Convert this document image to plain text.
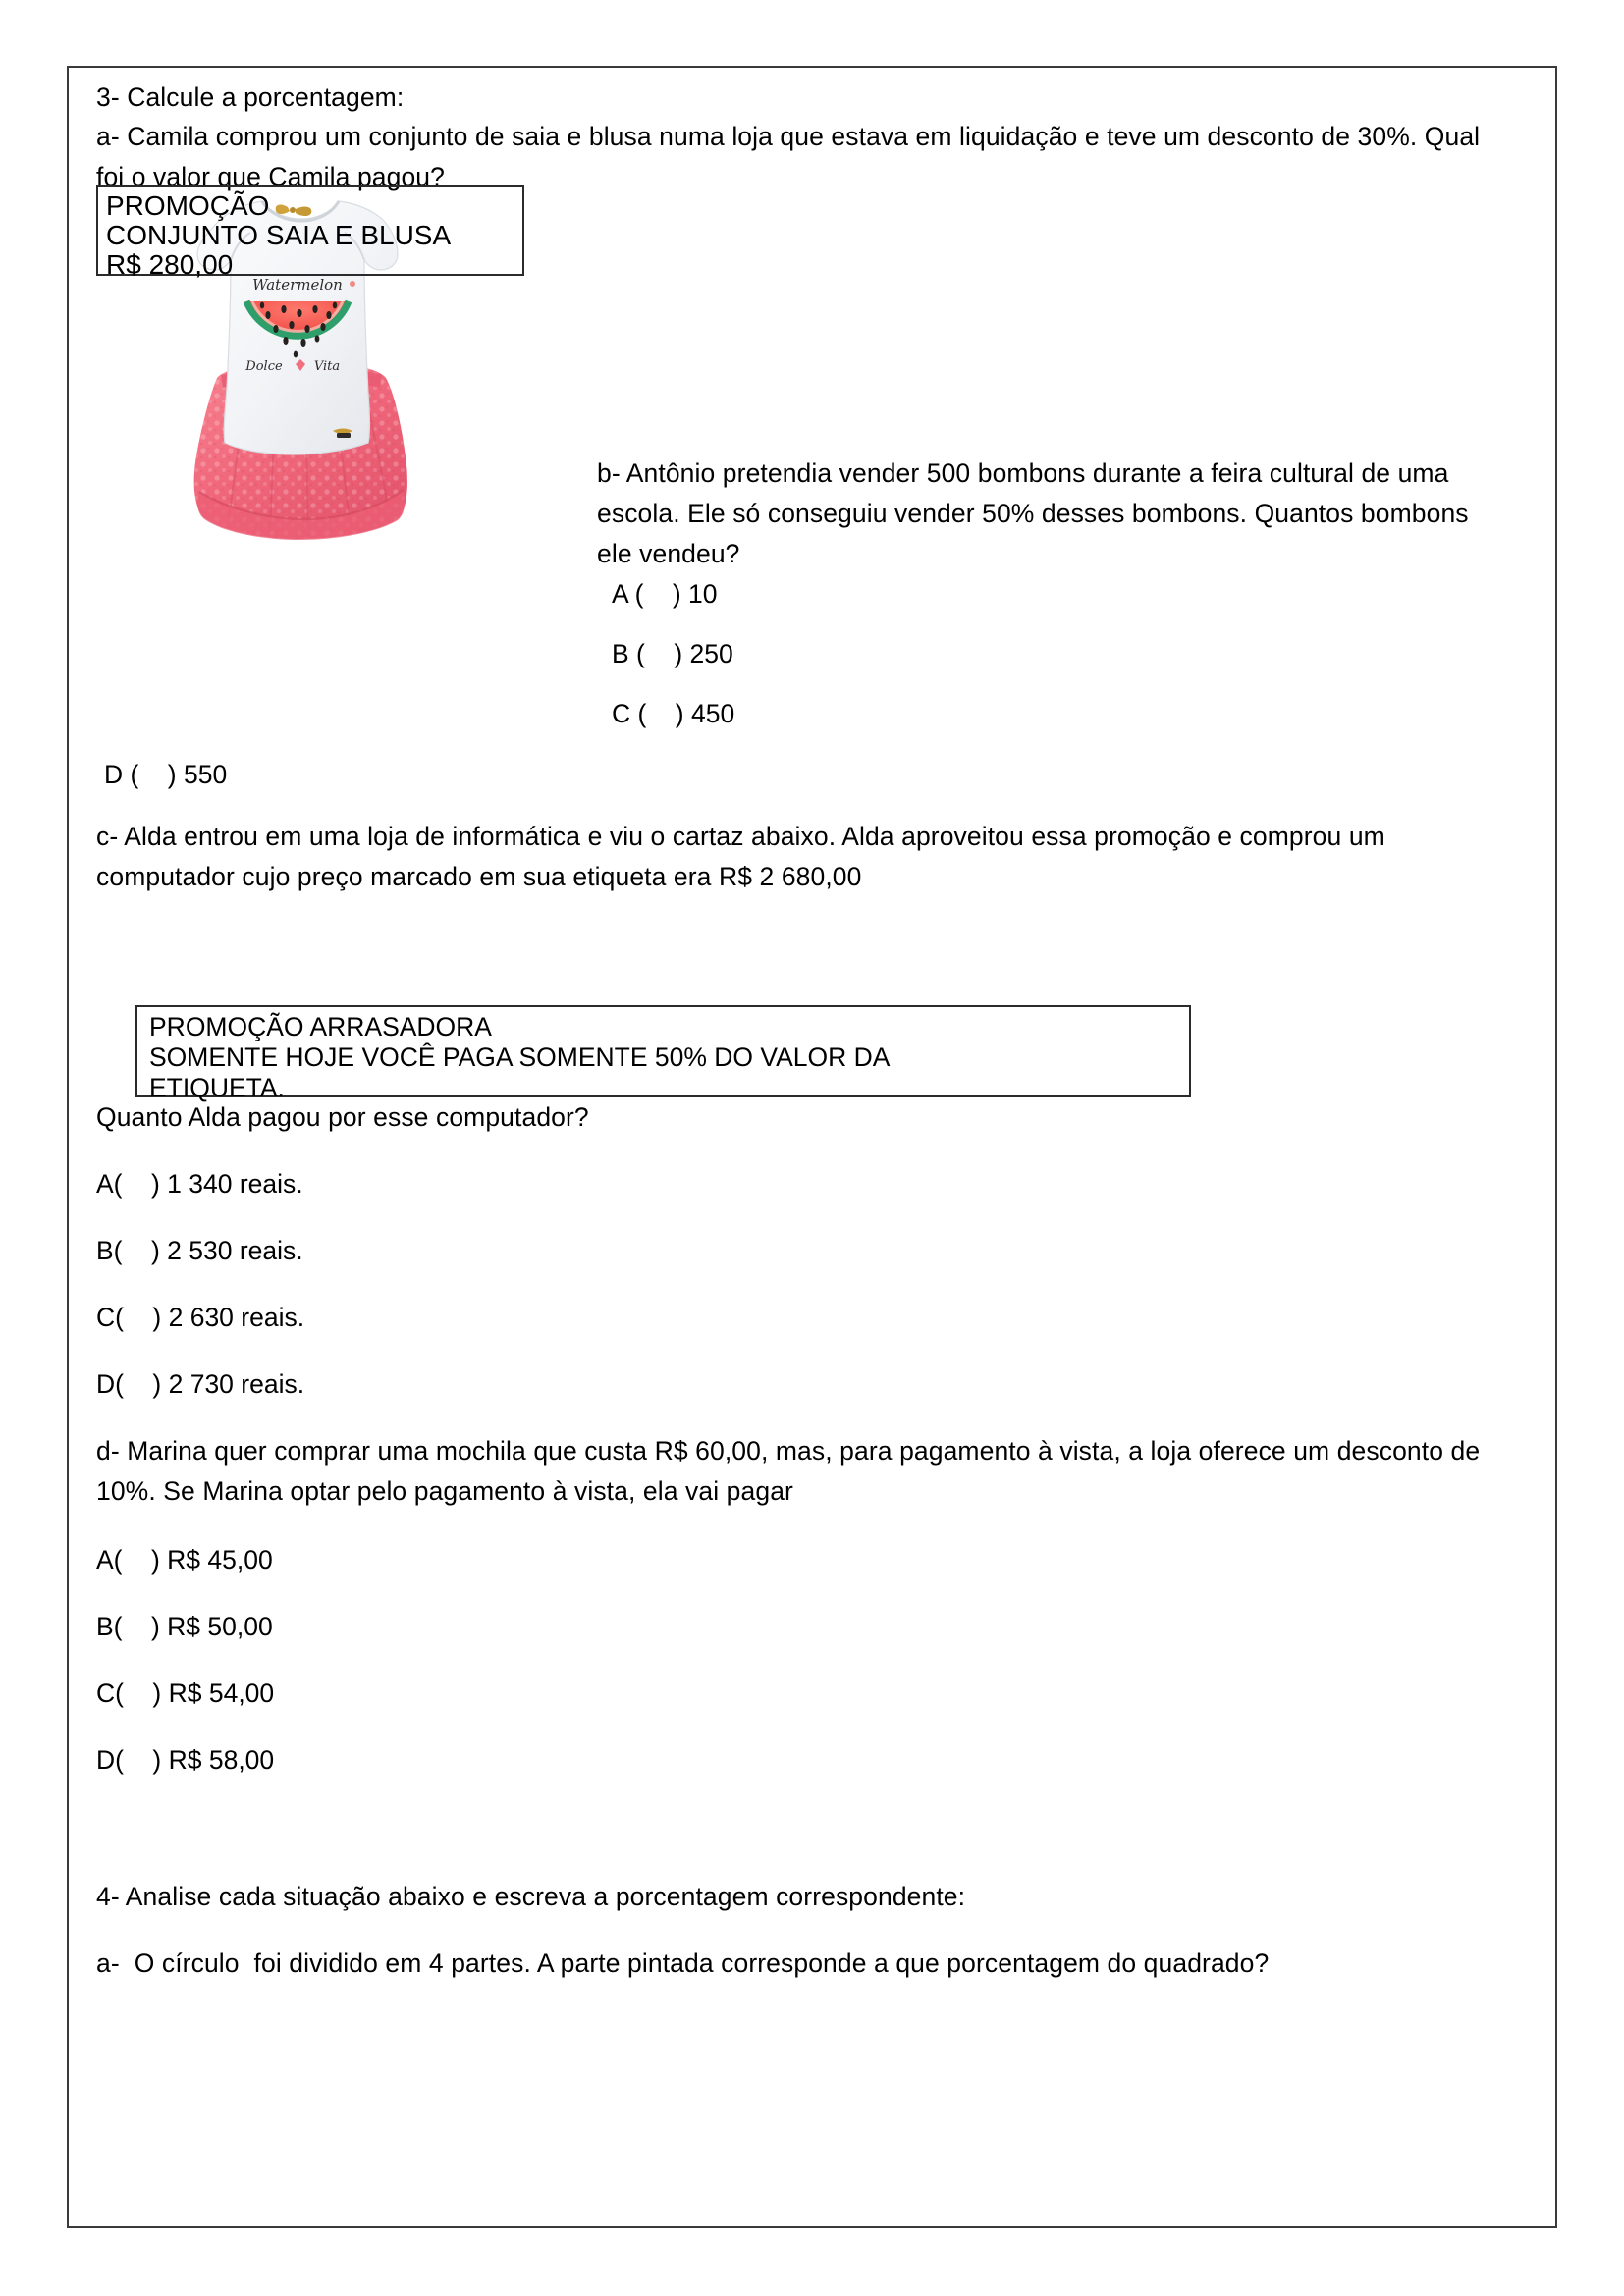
3- Calcule a porcentagem:
a- Camila comprou um conjunto de saia e blusa numa loja que estava em liquidação e teve um desconto de 30%. Qual foi o valor que Camila pagou?
Watermelon
Dolce Vita
PROMOÇÃO
CONJUNTO SAIA E BLUSA
R$ 280,00
b- Antônio pretendia vender 500 bombons durante a feira cultural de uma escola. Ele só conseguiu vender 50% desses bombons. Quantos bombons ele vendeu?
A (    ) 10
B (    ) 250
C (    ) 450
D (    ) 550
c- Alda entrou em uma loja de informática e viu o cartaz abaixo. Alda aproveitou essa promoção e comprou um computador cujo preço marcado em sua etiqueta era R$ 2 680,00
PROMOÇÃO ARRASADORA
SOMENTE HOJE VOCÊ PAGA SOMENTE 50% DO VALOR DA
ETIQUETA.
Quanto Alda pagou por esse computador?
A(    ) 1 340 reais.
B(    ) 2 530 reais.
C(    ) 2 630 reais.
D(    ) 2 730 reais.
d- Marina quer comprar uma mochila que custa R$ 60,00, mas, para pagamento à vista, a loja oferece um desconto de 10%. Se Marina optar pelo pagamento à vista, ela vai pagar
A(    ) R$ 45,00
B(    ) R$ 50,00
C(    ) R$ 54,00
D(    ) R$ 58,00
4- Analise cada situação abaixo e escreva a porcentagem correspondente:
a-  O círculo  foi dividido em 4 partes. A parte pintada corresponde a que porcentagem do quadrado?
